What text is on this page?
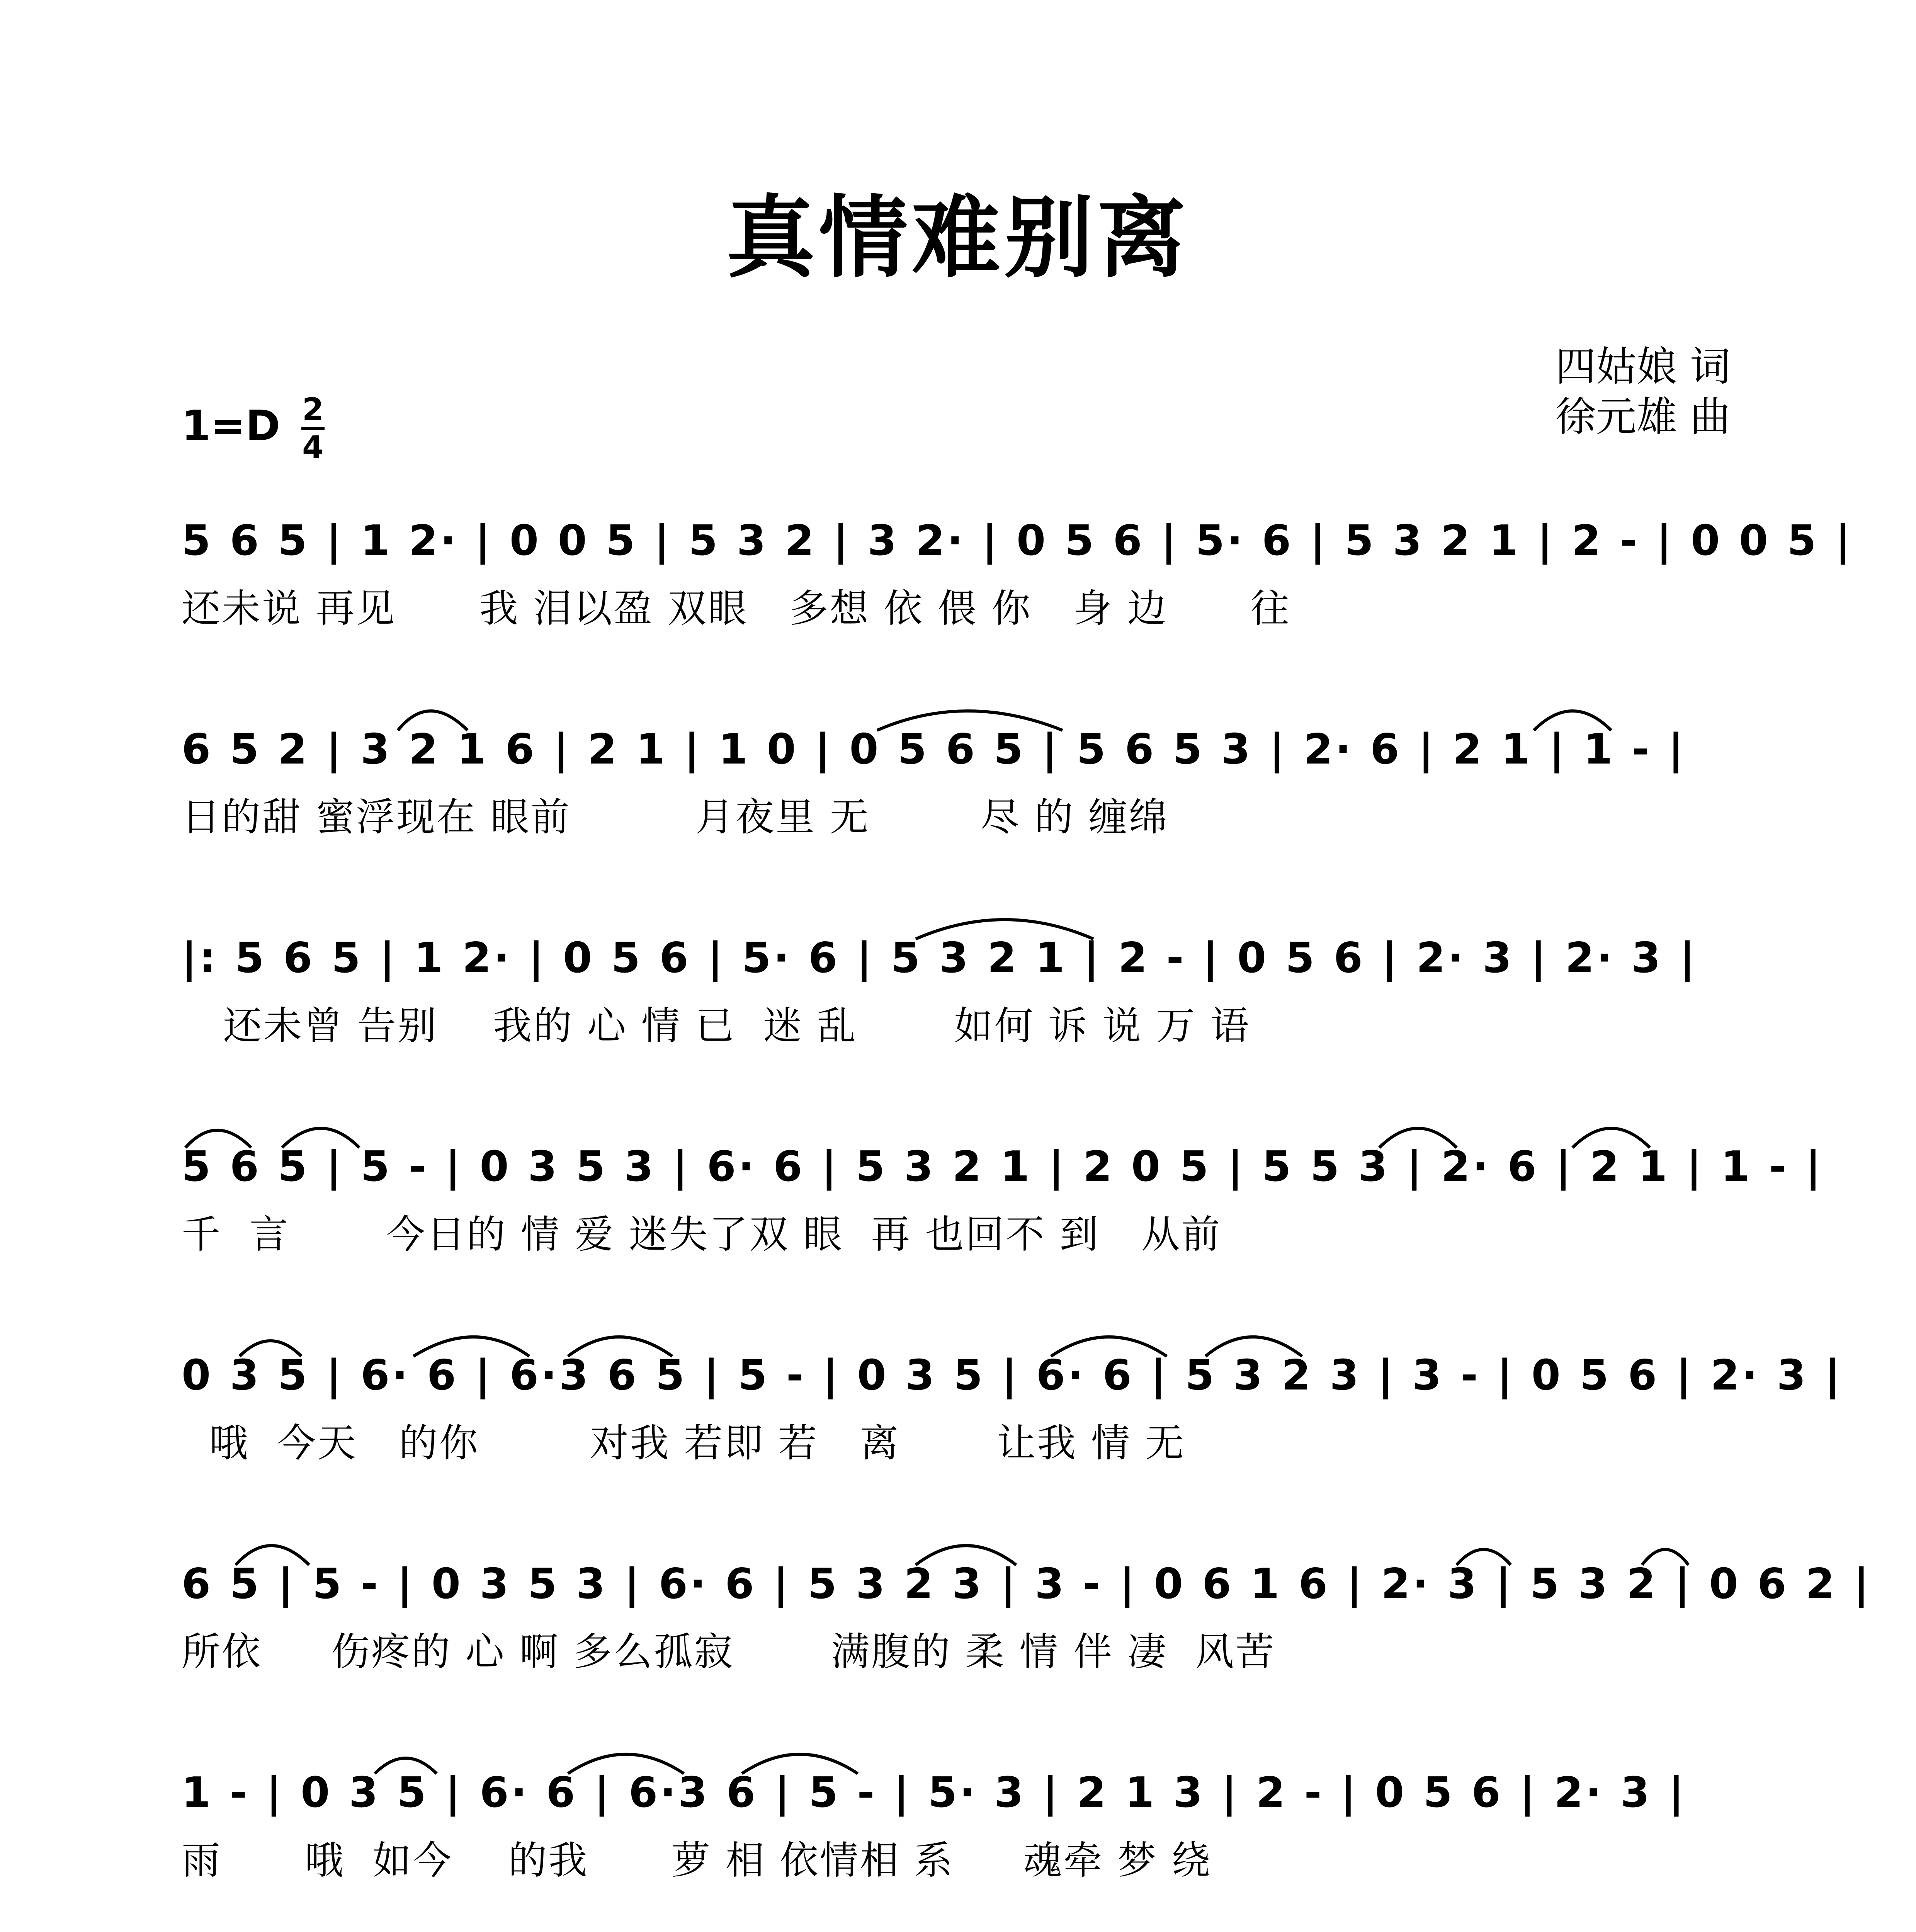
真情难别离
四姑娘 词
徐元雄 曲
1=D 2
4
5 6 5 | 1 2· | 0 0 5 | 5 3 2 | 3 2· | 0 5 6 | 5· 6 | 5 3 2 1 | 2 - | 0 0 5 |
还未说 再见      我 泪以盈 双眼   多想 依 偎 你   身 边      往
6 5 2 | 3 2 1 6 | 2 1 | 1 0 | 0 5 6 5 | 5 6 5 3 | 2· 6 | 2 1 | 1 - |
日的甜 蜜浮现在 眼前         月夜里 无        尽 的 缠绵
|: 5 6 5 | 1 2· | 0 5 6 | 5· 6 | 5 3 2 1 | 2 - | 0 5 6 | 2· 3 | 2· 3 |
还未曾 告别    我的 心 情 已  迷 乱       如何 诉 说 万 语
5 6 5 | 5 - | 0 3 5 3 | 6· 6 | 5 3 2 1 | 2 0 5 | 5 5 3 | 2· 6 | 2 1 | 1 - |
千  言       今日的 情 爱 迷失了双 眼  再 也回不 到   从前
0 3 5 | 6· 6 | 6·3 6 5 | 5 - | 0 3 5 | 6· 6 | 5 3 2 3 | 3 - | 0 5 6 | 2· 3 |
哦  今天   的你        对我 若即 若   离       让我 情 无
6 5 | 5 - | 0 3 5 3 | 6· 6 | 5 3 2 3 | 3 - | 0 6 1 6 | 2· 3 | 5 3 2 | 0 6 2 |
所依     伤疼的 心 啊 多么孤寂       满腹的 柔 情 伴 凄  风苦
1 - | 0 3 5 | 6· 6 | 6·3 6 | 5 - | 5· 3 | 2 1 3 | 2 - | 0 5 6 | 2· 3 |
雨      哦  如今    的我      萝 相 依情相 系     魂牵 梦 绕
